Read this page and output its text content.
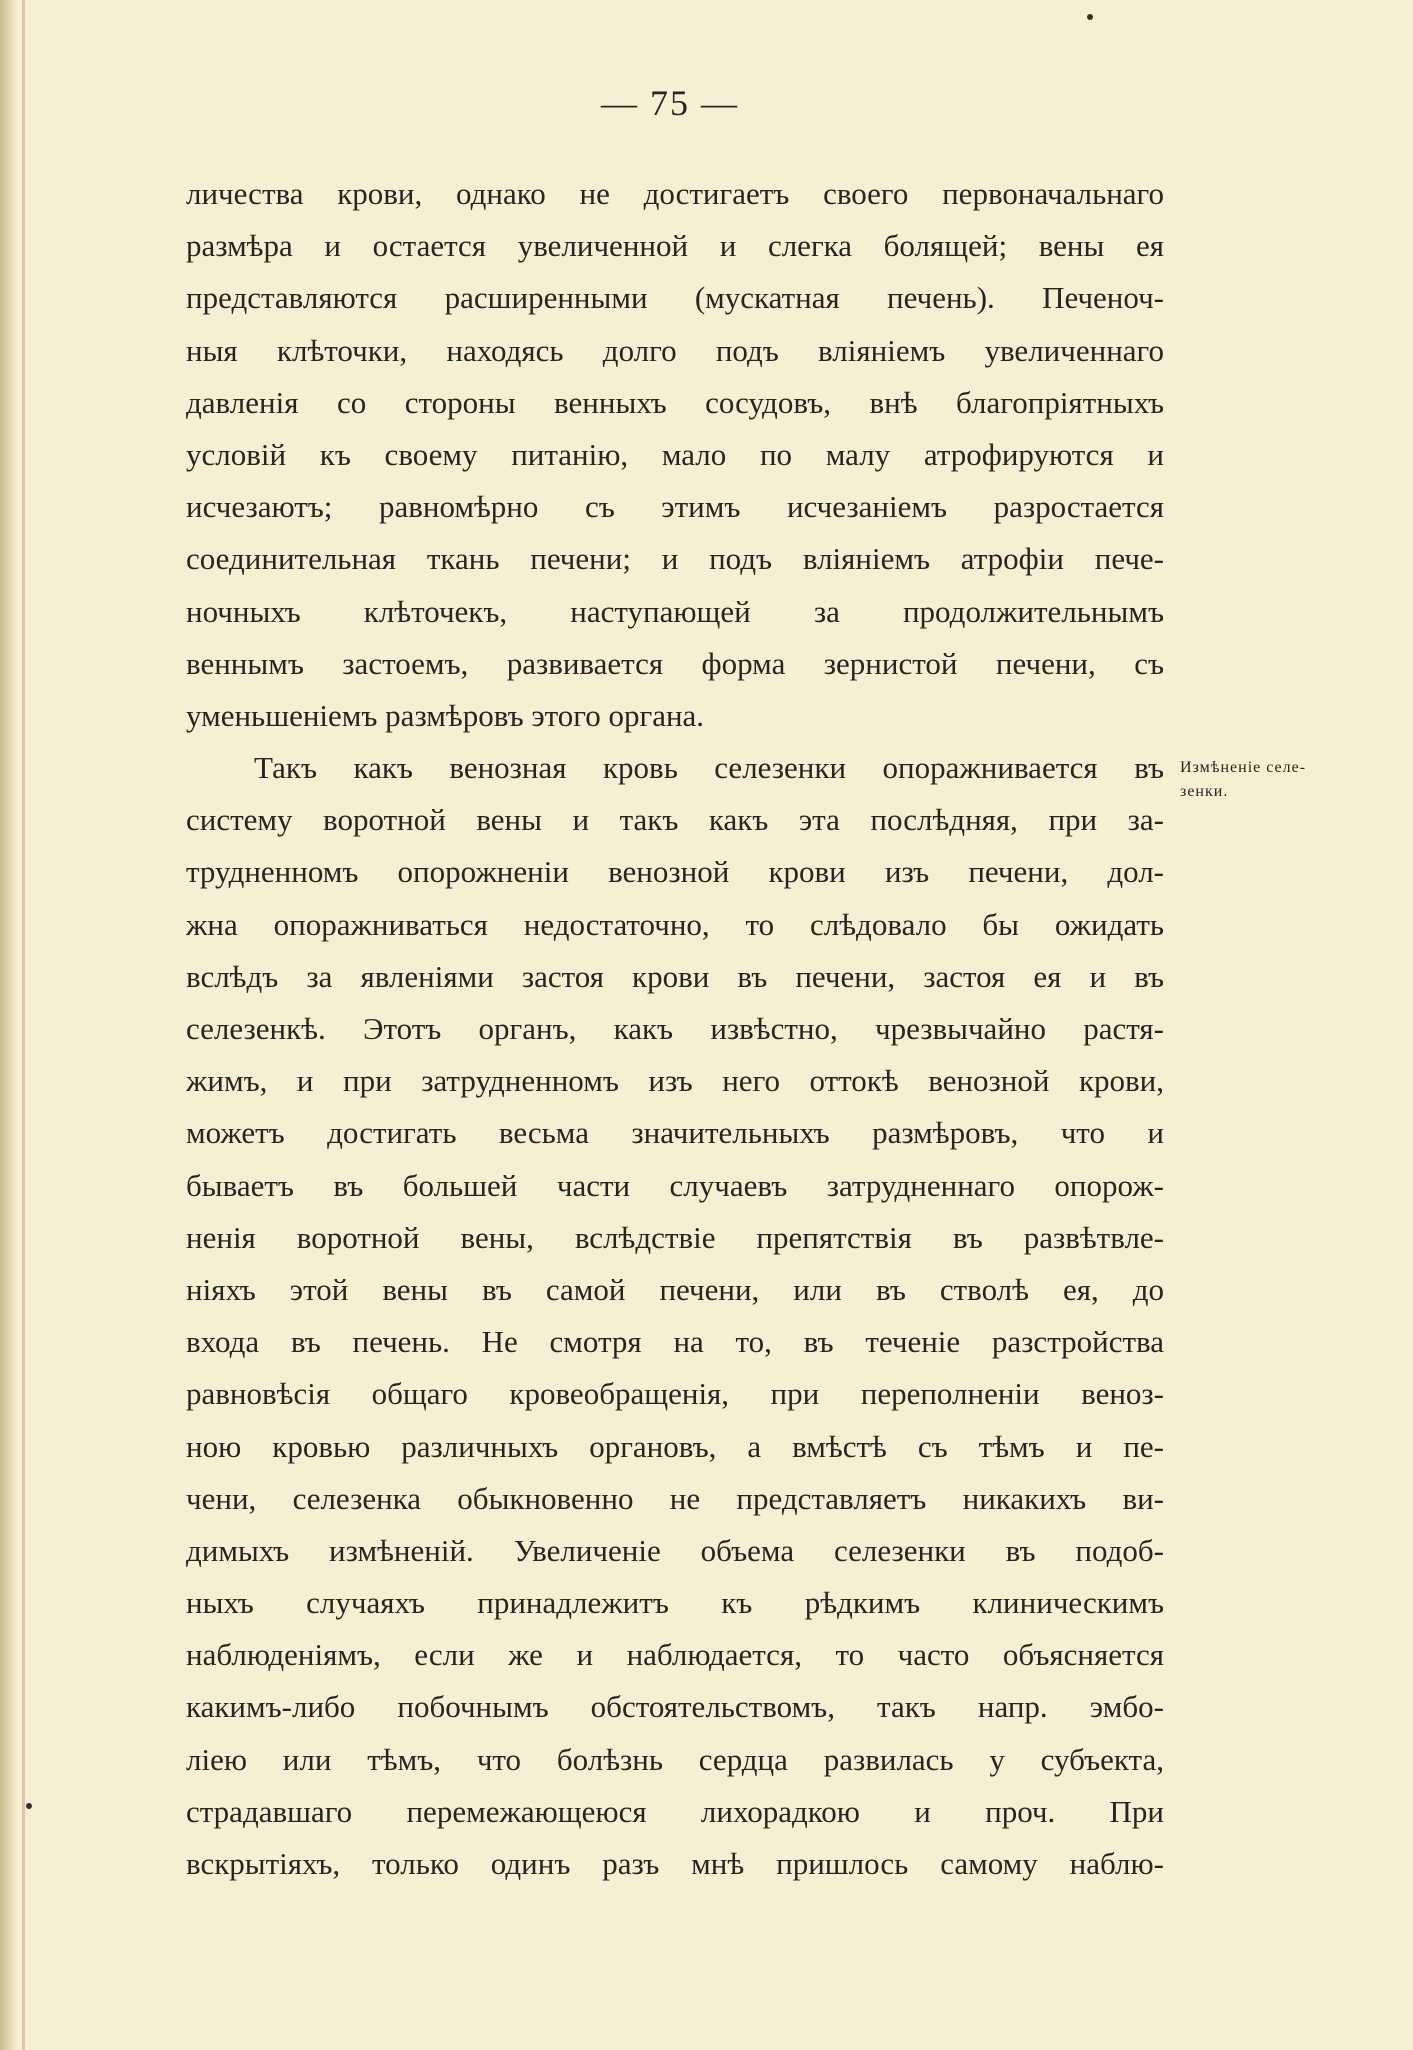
— 75 —
личества крови, однако не достигаетъ своего первоначальнаго
размѣра и остается увеличенной и слегка болящей; вены ея
представляются расширенными (мускатная печень). Печеноч-
ныя клѣточки, находясь долго подъ вліяніемъ увеличеннаго
давленія со стороны венныхъ сосудовъ, внѣ благопріятныхъ
условій къ своему питанію, мало по малу атрофируются и
исчезаютъ; равномѣрно съ этимъ исчезаніемъ разростается
соединительная ткань печени; и подъ вліяніемъ атрофіи пече-
ночныхъ клѣточекъ, наступающей за продолжительнымъ
веннымъ застоемъ, развивается форма зернистой печени, съ
уменьшеніемъ размѣровъ этого органа.
Такъ какъ венозная кровь селезенки опоражнивается въ
систему воротной вены и такъ какъ эта послѣдняя, при за-
трудненномъ опорожненіи венозной крови изъ печени, дол-
жна опоражниваться недостаточно, то слѣдовало бы ожидать
вслѣдъ за явленіями застоя крови въ печени, застоя ея и въ
селезенкѣ. Этотъ органъ, какъ извѣстно, чрезвычайно растя-
жимъ, и при затрудненномъ изъ него оттокѣ венозной крови,
можетъ достигать весьма значительныхъ размѣровъ, что и
бываетъ въ большей части случаевъ затрудненнаго опорож-
ненія воротной вены, вслѣдствіе препятствія въ развѣтвле-
ніяхъ этой вены въ самой печени, или въ стволѣ ея, до
входа въ печень. Не смотря на то, въ теченіе разстройства
равновѣсія общаго кровеобращенія, при переполненіи венoз-
ною кровью различныхъ органовъ, а вмѣстѣ съ тѣмъ и пе-
чени, селезенка обыкновенно не представляетъ никакихъ ви-
димыхъ измѣненій. Увеличеніе объема селезенки въ подоб-
ныхъ случаяхъ принадлежитъ къ рѣдкимъ клиническимъ
наблюденіямъ, если же и наблюдается, то часто объясняется
какимъ-либо побочнымъ обстоятельствомъ, такъ напр. эмбо-
ліею или тѣмъ, что болѣзнь сердца развилась у субъекта,
страдавшаго перемежающеюся лихорадкою и проч. При
вскрытіяхъ, только одинъ разъ мнѣ пришлось самому наблю-
Измѣненіе селе-
зенки.
